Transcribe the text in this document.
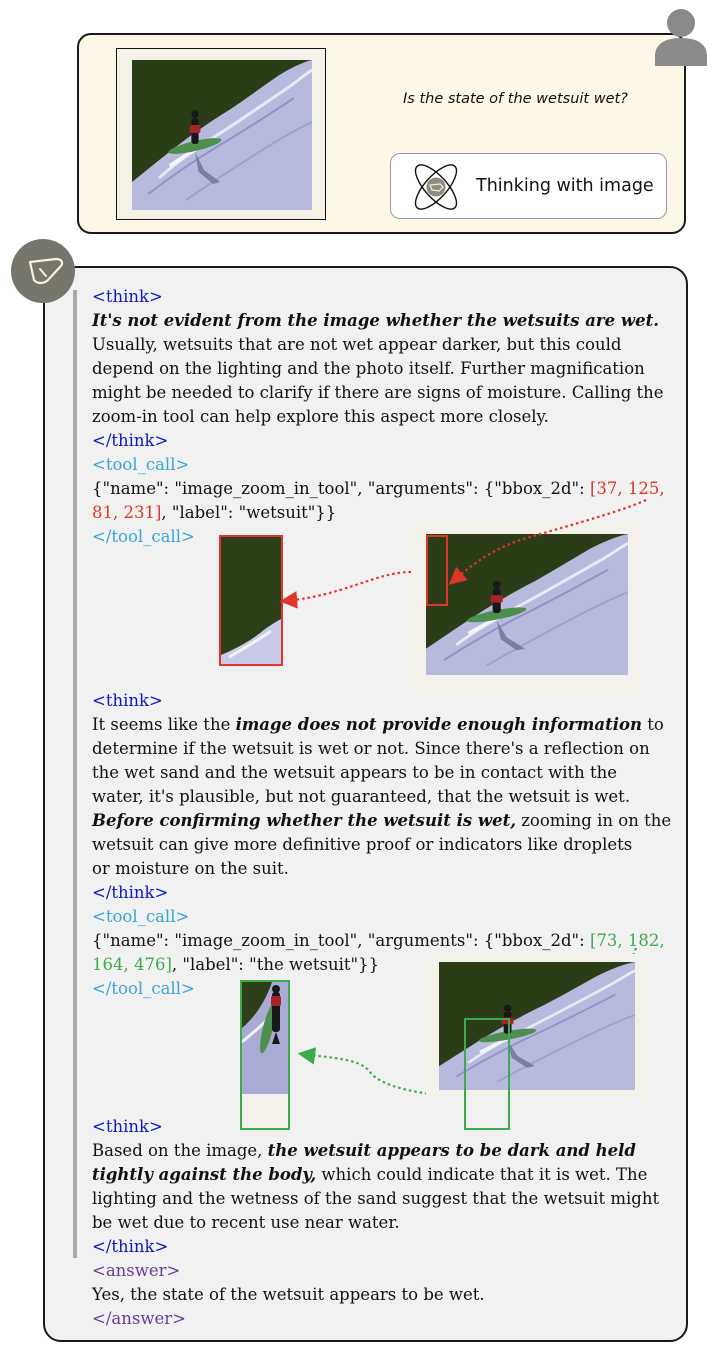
Is the state of the wetsuit wet?
Thinking with image
<think>
It's not evident from the image whether the wetsuits are wet.
Usually, wetsuits that are not wet appear darker, but this could
depend on the lighting and the photo itself. Further magnification
might be needed to clarify if there are signs of moisture. Calling the
zoom-in tool can help explore this aspect more closely.
</think>
<tool_call>
{"name": "image_zoom_in_tool", "arguments": {"bbox_2d": [37, 125,
81, 231], "label": "wetsuit"}}
</tool_call>
<think>
It seems like the image does not provide enough information to
determine if the wetsuit is wet or not. Since there's a reflection on
the wet sand and the wetsuit appears to be in contact with the
water, it's plausible, but not guaranteed, that the wetsuit is wet.
Before confirming whether the wetsuit is wet, zooming in on the
wetsuit can give more definitive proof or indicators like droplets
or moisture on the suit.
</think>
<tool_call>
{"name": "image_zoom_in_tool", "arguments": {"bbox_2d": [73, 182,
164, 476], "label": "the wetsuit"}}
</tool_call>
<think>
Based on the image, the wetsuit appears to be dark and held
tightly against the body, which could indicate that it is wet. The
lighting and the wetness of the sand suggest that the wetsuit might
be wet due to recent use near water.
</think>
<answer>
Yes, the state of the wetsuit appears to be wet.
</answer>
